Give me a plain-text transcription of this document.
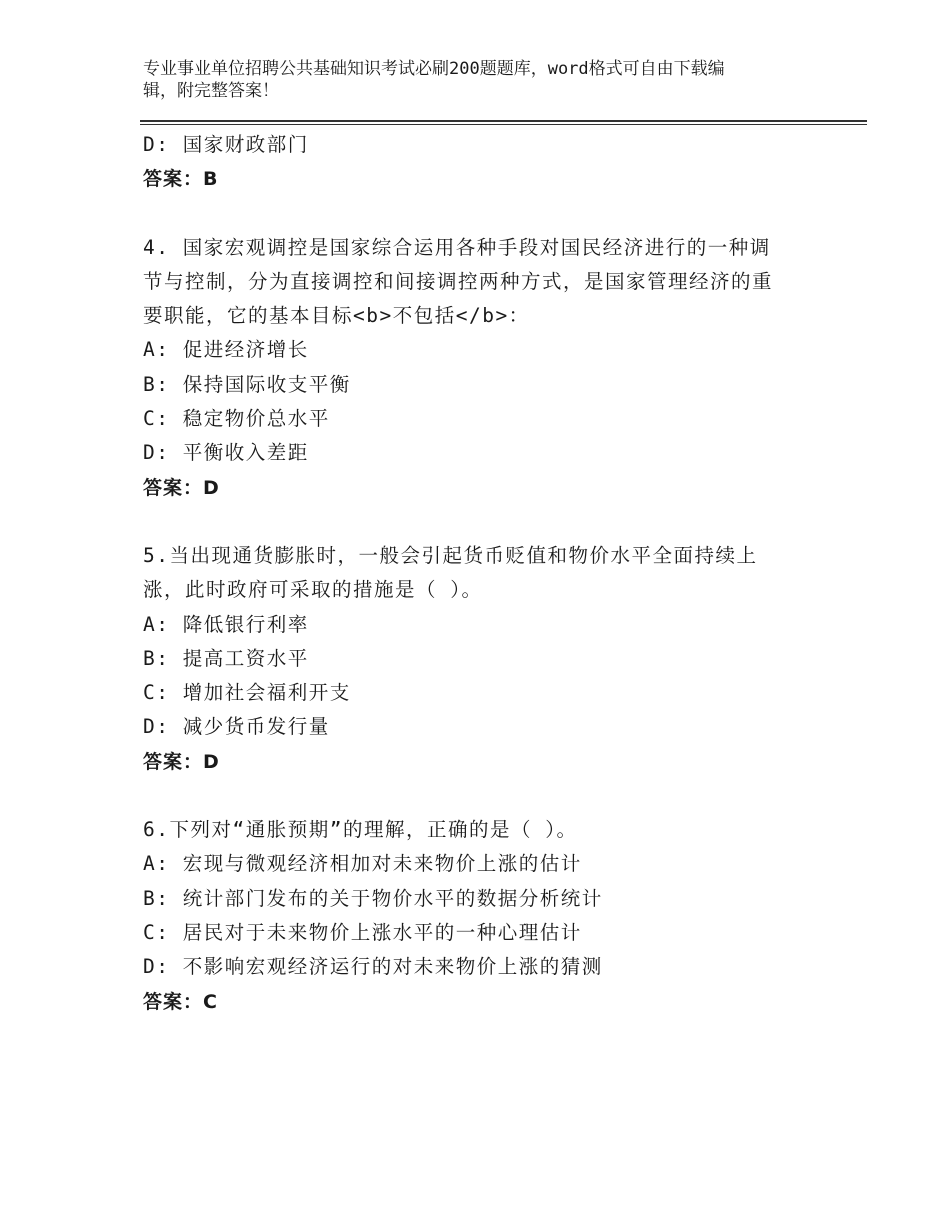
专业事业单位招聘公共基础知识考试必刷200题题库，word格式可自由下载编
辑，附完整答案！
D: 国家财政部门
答案：B
4. 国家宏观调控是国家综合运用各种手段对国民经济进行的一种调
节与控制，分为直接调控和间接调控两种方式，是国家管理经济的重
要职能，它的基本目标<b>不包括</b>：
A: 促进经济增长
B: 保持国际收支平衡
C: 稳定物价总水平
D: 平衡收入差距
答案：D
5.当出现通货膨胀时，一般会引起货币贬值和物价水平全面持续上
涨，此时政府可采取的措施是（ ）。
A: 降低银行利率
B: 提高工资水平
C: 增加社会福利开支
D: 减少货币发行量
答案：D
6.下列对“通胀预期”的理解，正确的是（ ）。
A: 宏现与微观经济相加对未来物价上涨的估计
B: 统计部门发布的关于物价水平的数据分析统计
C: 居民对于未来物价上涨水平的一种心理估计
D: 不影响宏观经济运行的对未来物价上涨的猜测
答案：C
